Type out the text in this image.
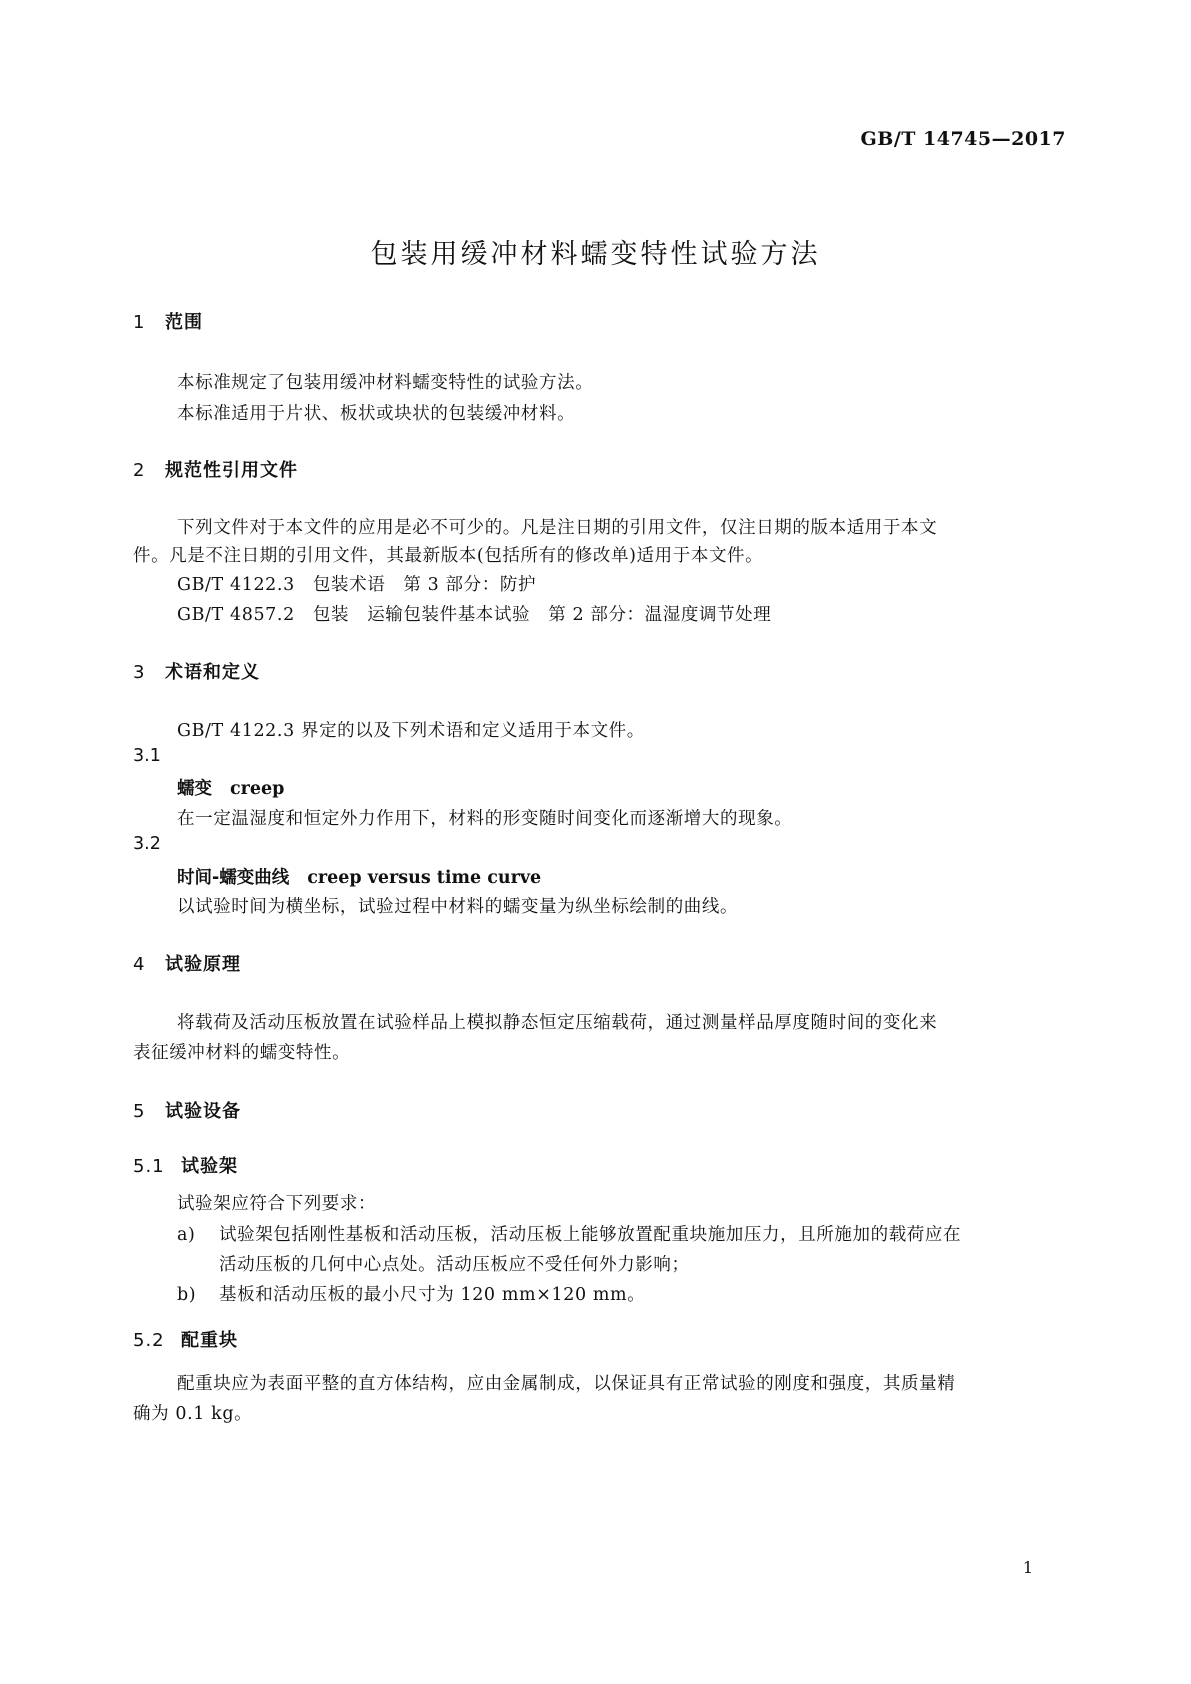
GB/T 14745—2017
包装用缓冲材料蠕变特性试验方法
1 范围
本标准规定了包装用缓冲材料蠕变特性的试验方法。
本标准适用于片状、板状或块状的包装缓冲材料。
2 规范性引用文件
下列文件对于本文件的应用是必不可少的。凡是注日期的引用文件，仅注日期的版本适用于本文
件。凡是不注日期的引用文件，其最新版本(包括所有的修改单)适用于本文件。
GB/T 4122.3　包装术语　第 3 部分：防护
GB/T 4857.2　包装　运输包装件基本试验　第 2 部分：温湿度调节处理
3 术语和定义
GB/T 4122.3 界定的以及下列术语和定义适用于本文件。
3.1
蠕变 creep
在一定温湿度和恒定外力作用下，材料的形变随时间变化而逐渐增大的现象。
3.2
时间-蠕变曲线 creep versus time curve
以试验时间为横坐标，试验过程中材料的蠕变量为纵坐标绘制的曲线。
4 试验原理
将载荷及活动压板放置在试验样品上模拟静态恒定压缩载荷，通过测量样品厚度随时间的变化来
表征缓冲材料的蠕变特性。
5 试验设备
5.1 试验架
试验架应符合下列要求：
a) 试验架包括刚性基板和活动压板，活动压板上能够放置配重块施加压力，且所施加的载荷应在
活动压板的几何中心点处。活动压板应不受任何外力影响；
b) 基板和活动压板的最小尺寸为 120 mm×120 mm。
5.2 配重块
配重块应为表面平整的直方体结构，应由金属制成，以保证具有正常试验的刚度和强度，其质量精
确为 0.1 kg。
1
